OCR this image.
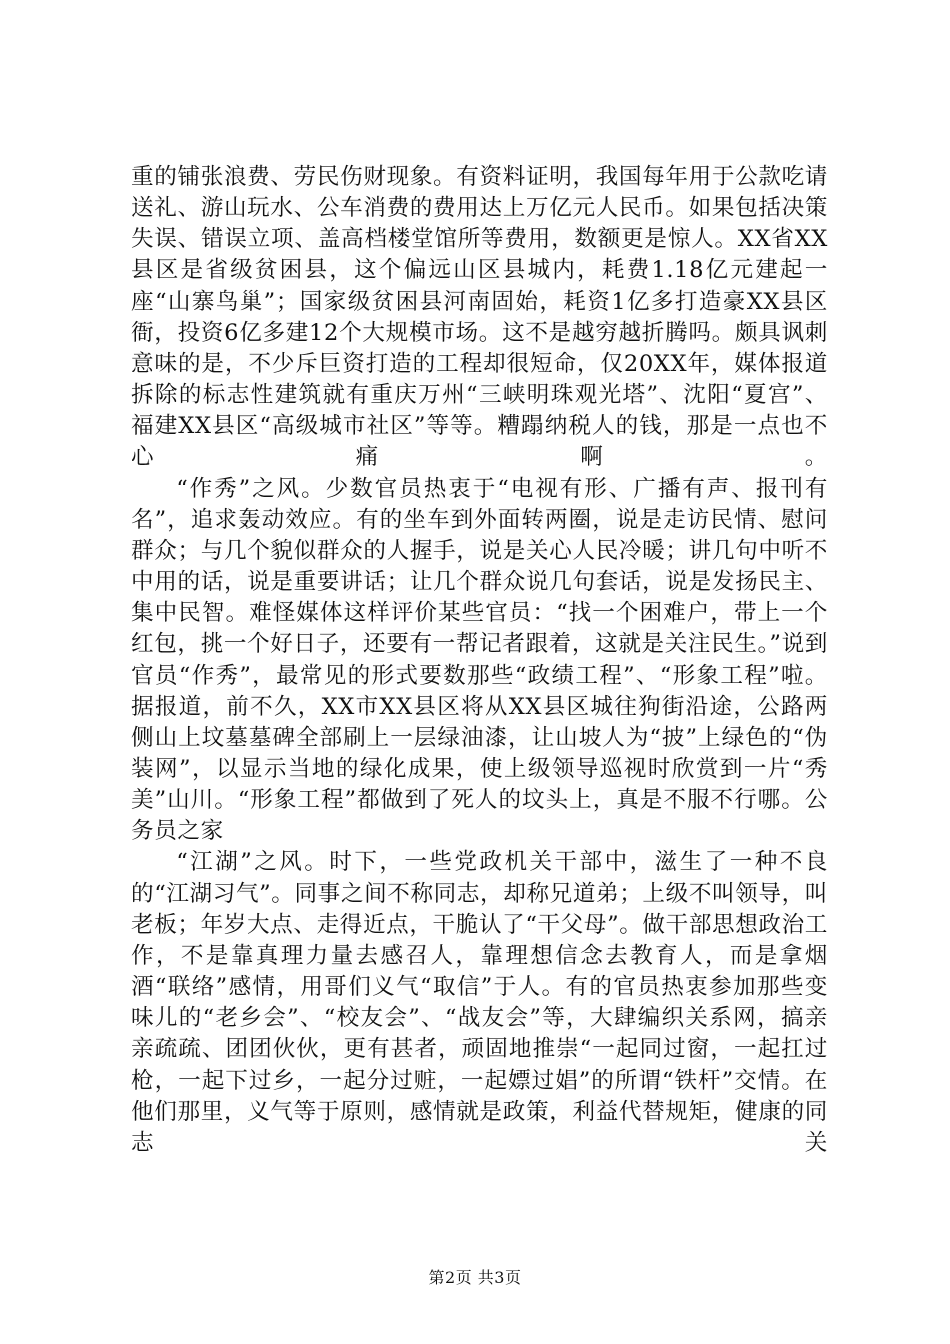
重的铺张浪费、劳民伤财现象。有资料证明，我国每年用于公款吃请送礼、游山玩水、公车消费的费用达上万亿元人民币。如果包括决策失误、错误立项、盖高档楼堂馆所等费用，数额更是惊人。XX省XX县区是省级贫困县，这个偏远山区县城内，耗费1.18亿元建起一座“山寨鸟巢”；国家级贫困县河南固始，耗资1亿多打造豪XX县区衙，投资6亿多建12个大规模市场。这不是越穷越折腾吗。颇具讽刺意味的是，不少斥巨资打造的工程却很短命，仅20XX年，媒体报道拆除的标志性建筑就有重庆万州“三峡明珠观光塔”、沈阳“夏宫”、福建XX县区“高级城市社区”等等。糟蹋纳税人的钱，那是一点也不心痛啊。

“作秀”之风。少数官员热衷于“电视有形、广播有声、报刊有名”，追求轰动效应。有的坐车到外面转两圈，说是走访民情、慰问群众；与几个貌似群众的人握手，说是关心人民冷暖；讲几句中听不中用的话，说是重要讲话；让几个群众说几句套话，说是发扬民主、集中民智。难怪媒体这样评价某些官员：“找一个困难户，带上一个红包，挑一个好日子，还要有一帮记者跟着，这就是关注民生。”说到官员“作秀”，最常见的形式要数那些“政绩工程”、“形象工程”啦。据报道，前不久，XX市XX县区将从XX县区城往狗街沿途，公路两侧山上坟墓墓碑全部刷上一层绿油漆，让山坡人为“披”上绿色的“伪装网”，以显示当地的绿化成果，使上级领导巡视时欣赏到一片“秀美”山川。“形象工程”都做到了死人的坟头上，真是不服不行哪。公务员之家

“江湖”之风。时下，一些党政机关干部中，滋生了一种不良的“江湖习气”。同事之间不称同志，却称兄道弟；上级不叫领导，叫老板；年岁大点、走得近点，干脆认了“干父母”。做干部思想政治工作，不是靠真理力量去感召人，靠理想信念去教育人，而是拿烟酒“联络”感情，用哥们义气“取信”于人。有的官员热衷参加那些变味儿的“老乡会”、“校友会”、“战友会”等，大肆编织关系网，搞亲亲疏疏、团团伙伙，更有甚者，顽固地推崇“一起同过窗，一起扛过枪，一起下过乡，一起分过赃，一起嫖过娼”的所谓“铁杆”交情。在他们那里，义气等于原则，感情就是政策，利益代替规矩，健康的同志关

第2页 共3页
